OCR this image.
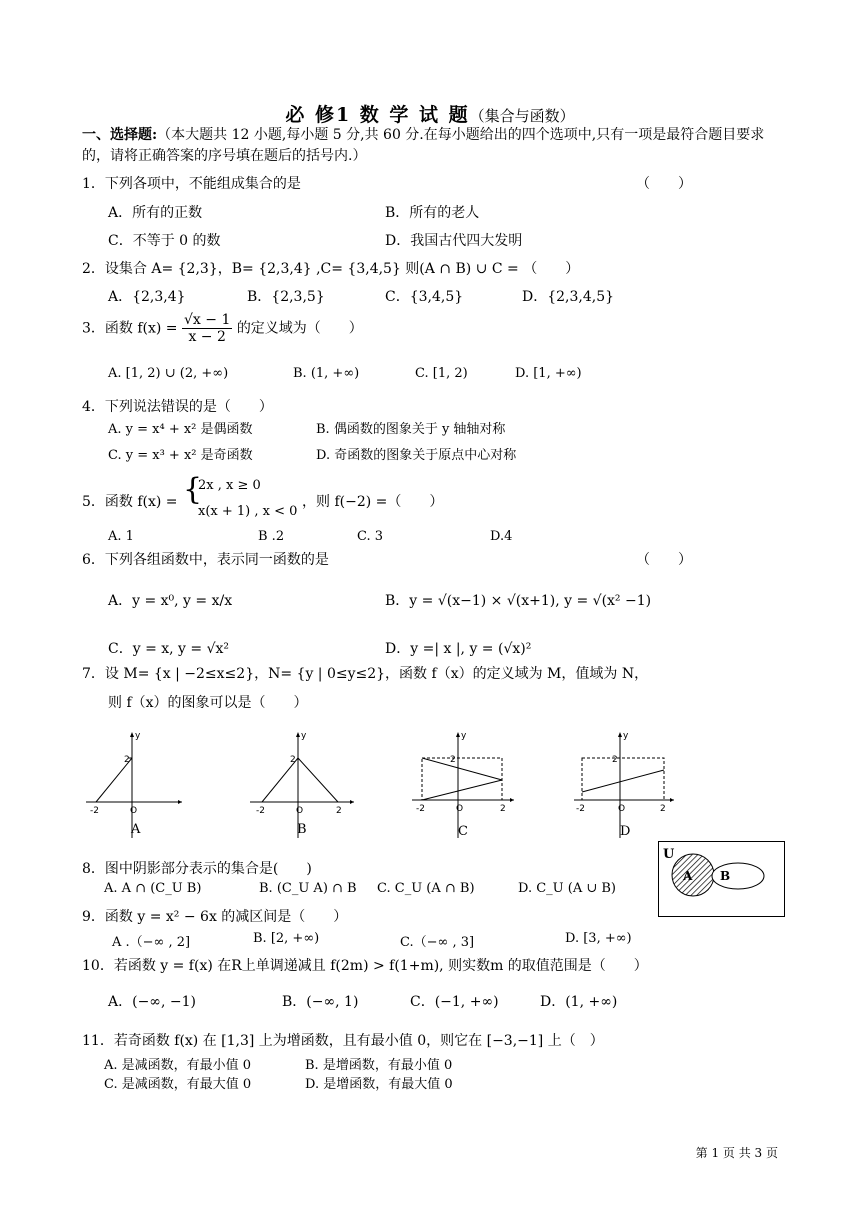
必 修1 数 学 试 题（集合与函数）
一、选择题:（本大题共 12 小题,每小题 5 分,共 60 分.在每小题给出的四个选项中,只有一项是最符合题目要求的，请将正确答案的序号填在题后的括号内.）
1．下列各项中，不能组成集合的是	（　　）
A．所有的正数	B．所有的老人
C．不等于 0 的数	D．我国古代四大发明
2．设集合 A= {2,3}，B= {2,3,4} ,C= {3,4,5} 则(A ∩ B) ∪ C = （　　）
A．{2,3,4}	B．{2,3,5}	C．{3,4,5}	D．{2,3,4,5}
3．函数 $f(x) = \frac{√x - 1}{x - 2}$ 的定义域为（　　）
A. [1, 2) ∪ (2, +∞)	B. (1, +∞)	C. [1, 2)	D. [1, +∞)
4．下列说法错误的是（　　）
A. y = x⁴ + x² 是偶函数	B. 偶函数的图象关于 y 轴轴对称
C. y = x³ + x² 是奇函数	D. 奇函数的图象关于原点中心对称
5．函数 f(x) = {
2x , x ≥ 0
x(x + 1) , x < 0
，则 f(−2) =（　　）
A. 1	B .2	C. 3	D.4
6．下列各组函数中，表示同一函数的是	（　　）
A．y = x⁰, y = x/x	B．y = √(x−1) × √(x+1), y = √(x² −1)
C．y = x, y = √x²	D．y =| x |, y = (√x)²
7．设 M= {x | −2≤x≤2}，N= {y | 0≤y≤2}，函数 f（x）的定义域为 M，值域为 N，
则 f（x）的图象可以是（　　）
y
2
-2	O
A
y
2
-2	O	2
B
y
2
-2	O	2
C
y
2
-2	O	2
D
8．图中阴影部分表示的集合是(　　)
A. A ∩ (C_U B)	B. (C_U A) ∩ B C. C_U (A ∩ B)	D. C_U (A ∪ B)
U
A B
9．函数 y = x² − 6x 的减区间是（　　）
A .（−∞ , 2]	B. [2, +∞)	C.（−∞ , 3]	D. [3, +∞)
10．若函数 y = f(x) 在R上单调递减且 f(2m) > f(1+m), 则实数m 的取值范围是（　　）
A．(−∞, −1)	B．(−∞, 1)	C．(−1, +∞)	D．(1, +∞)
11．若奇函数 f(x) 在 [1,3] 上为增函数，且有最小值 0，则它在 [−3,−1] 上（　）
A. 是减函数，有最小值 0	B. 是增函数，有最小值 0
C. 是减函数，有最大值 0	D. 是增函数，有最大值 0
第 1 页 共 3 页
